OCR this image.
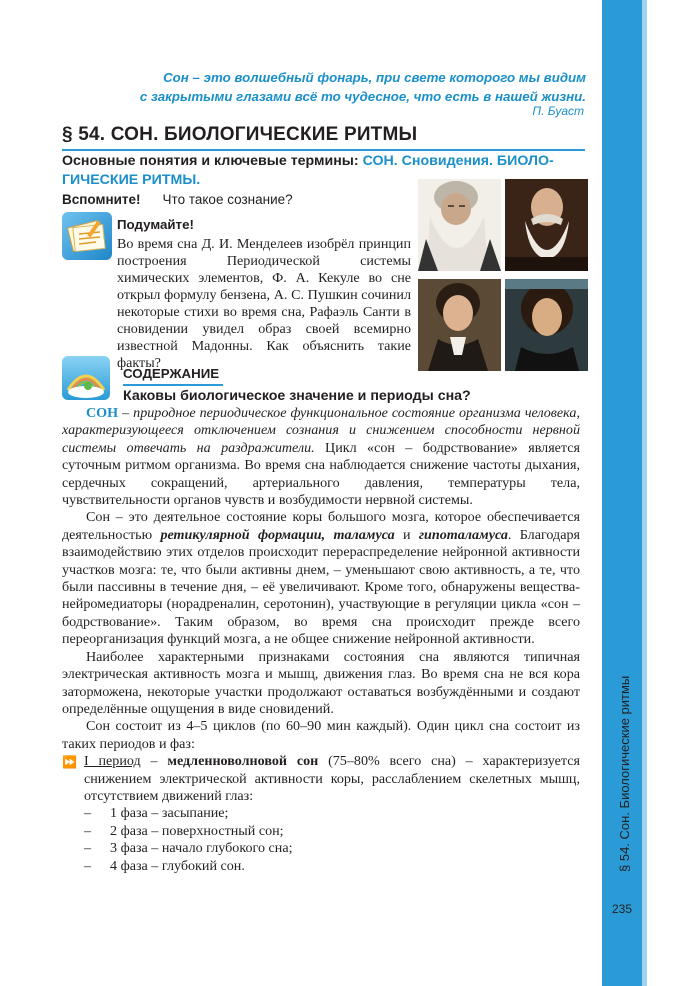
§ 54. Сон. Биологические ритмы
235
Сон – это волшебный фонарь, при свете которого мы видим
с закрытыми глазами всё то чудесное, что есть в нашей жизни.
П. Буаст
§ 54. СОН. БИОЛОГИЧЕСКИЕ РИТМЫ
Основные понятия и ключевые термины: СОН. Сновидения. БИОЛО-ГИЧЕСКИЕ РИТМЫ.
Вспомните! Что такое сознание?
Подумайте!
Во время сна Д. И. Менделеев изобрёл принцип построения Периодической системы химических элементов, Ф. А. Кекуле во сне открыл формулу бензена, А. С. Пушкин сочинил некоторые стихи во время сна, Рафаэль Санти в сновидении увидел образ своей всемирно известной Мадонны. Как объяснить такие факты?
СОДЕРЖАНИЕ
Каковы биологическое значение и периоды сна?

СОН – природное периодическое функциональное состояние организма человека, характеризующееся отключением сознания и снижением способности нервной системы отвечать на раздражители. Цикл «сон – бодрствование» является суточным ритмом организма. Во время сна наблюдается снижение частоты дыхания, сердечных сокращений, артериального давления, температуры тела, чувствительности органов чувств и возбудимости нервной системы.

Сон – это деятельное состояние коры большого мозга, которое обеспечивается деятельностью ретикулярной формации, таламуса и гипоталамуса. Благодаря взаимодействию этих отделов происходит перераспределение нейронной активности участков мозга: те, что были активны днем, – уменьшают свою активность, а те, что были пассивны в течение дня, – её увеличивают. Кроме того, обнаружены вещества-нейромедиаторы (норадреналин, серотонин), участвующие в регуляции цикла «сон – бодрствование». Таким образом, во время сна происходит прежде всего переорганизация функций мозга, а не общее снижение нейронной активности.

Наиболее характерными признаками состояния сна являются типичная электрическая активность мозга и мышц, движения глаз. Во время сна не вся кора заторможена, некоторые участки продолжают оставаться возбуждёнными и создают определённые ощущения в виде сновидений.

Сон состоит из 4–5 циклов (по 60–90 мин каждый). Один цикл сна состоит из таких периодов и фаз:

⏩ I период – медленноволновой сон (75–80% всего сна) – характеризуется снижением электрической активности коры, расслаблением скелетных мышц, отсутствием движений глаз:

– 1 фаза – засыпание;

– 2 фаза – поверхностный сон;

– 3 фаза – начало глубокого сна;

– 4 фаза – глубокий сон.
